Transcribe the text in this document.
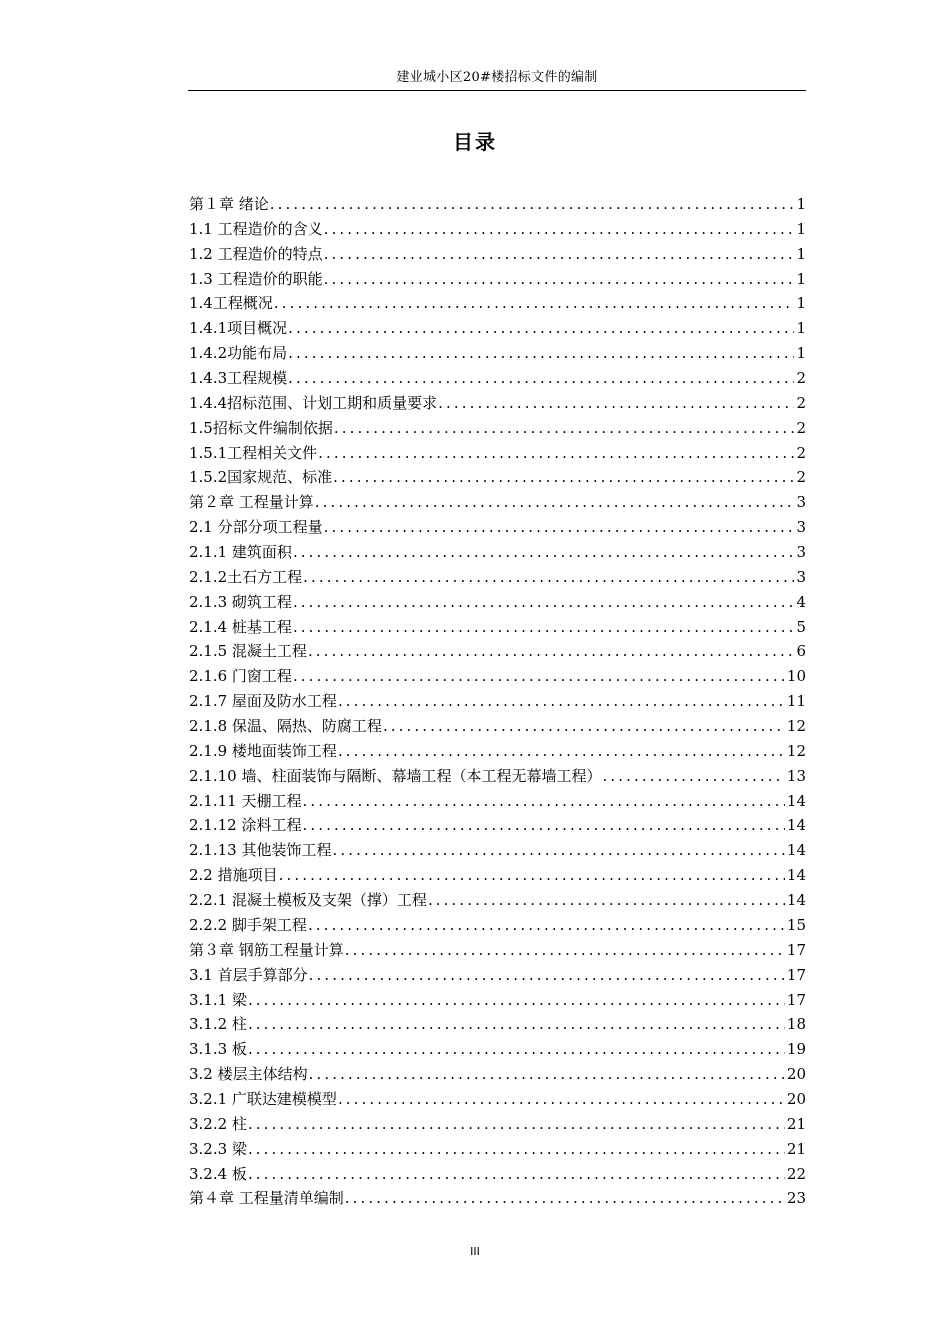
建业城小区20#楼招标文件的编制
目录
第１章 绪论 .....	1
1.1 工程造价的含义 .....	1
1.2 工程造价的特点 .....	1
1.3 工程造价的职能 .....	1
1.4工程概况 .....	1
1.4.1项目概况 .....	1
1.4.2功能布局 .....	1
1.4.3工程规模 .....	2
1.4.4招标范围、计划工期和质量要求 .....	2
1.5招标文件编制依据 .....	2
1.5.1工程相关文件 .....	2
1.5.2国家规范、标准 .....	2
第２章 工程量计算 .....	3
2.1 分部分项工程量 .....	3
2.1.1 建筑面积 .....	3
2.1.2土石方工程 .....	3
2.1.3 砌筑工程 .....	4
2.1.4 桩基工程 .....	5
2.1.5 混凝土工程 .....	6
2.1.6 门窗工程 .....	10
2.1.7 屋面及防水工程 .....	11
2.1.8 保温、隔热、防腐工程 .....	12
2.1.9 楼地面装饰工程 .....	12
2.1.10 墙、柱面装饰与隔断、幕墙工程（本工程无幕墙工程） .....	13
2.1.11 天棚工程 .....	14
2.1.12 涂料工程 .....	14
2.1.13 其他装饰工程 .....	14
2.2 措施项目 .....	14
2.2.1 混凝土模板及支架（撑）工程 .....	14
2.2.2 脚手架工程 .....	15
第３章 钢筋工程量计算 .....	17
3.1 首层手算部分 .....	17
3.1.1 梁 .....	17
3.1.2 柱 .....	18
3.1.3 板 .....	19
3.2 楼层主体结构 .....	20
3.2.1 广联达建模模型 .....	20
3.2.2 柱 .....	21
3.2.3 梁 .....	21
3.2.4 板 .....	22
第４章 工程量清单编制 .....	23
III
